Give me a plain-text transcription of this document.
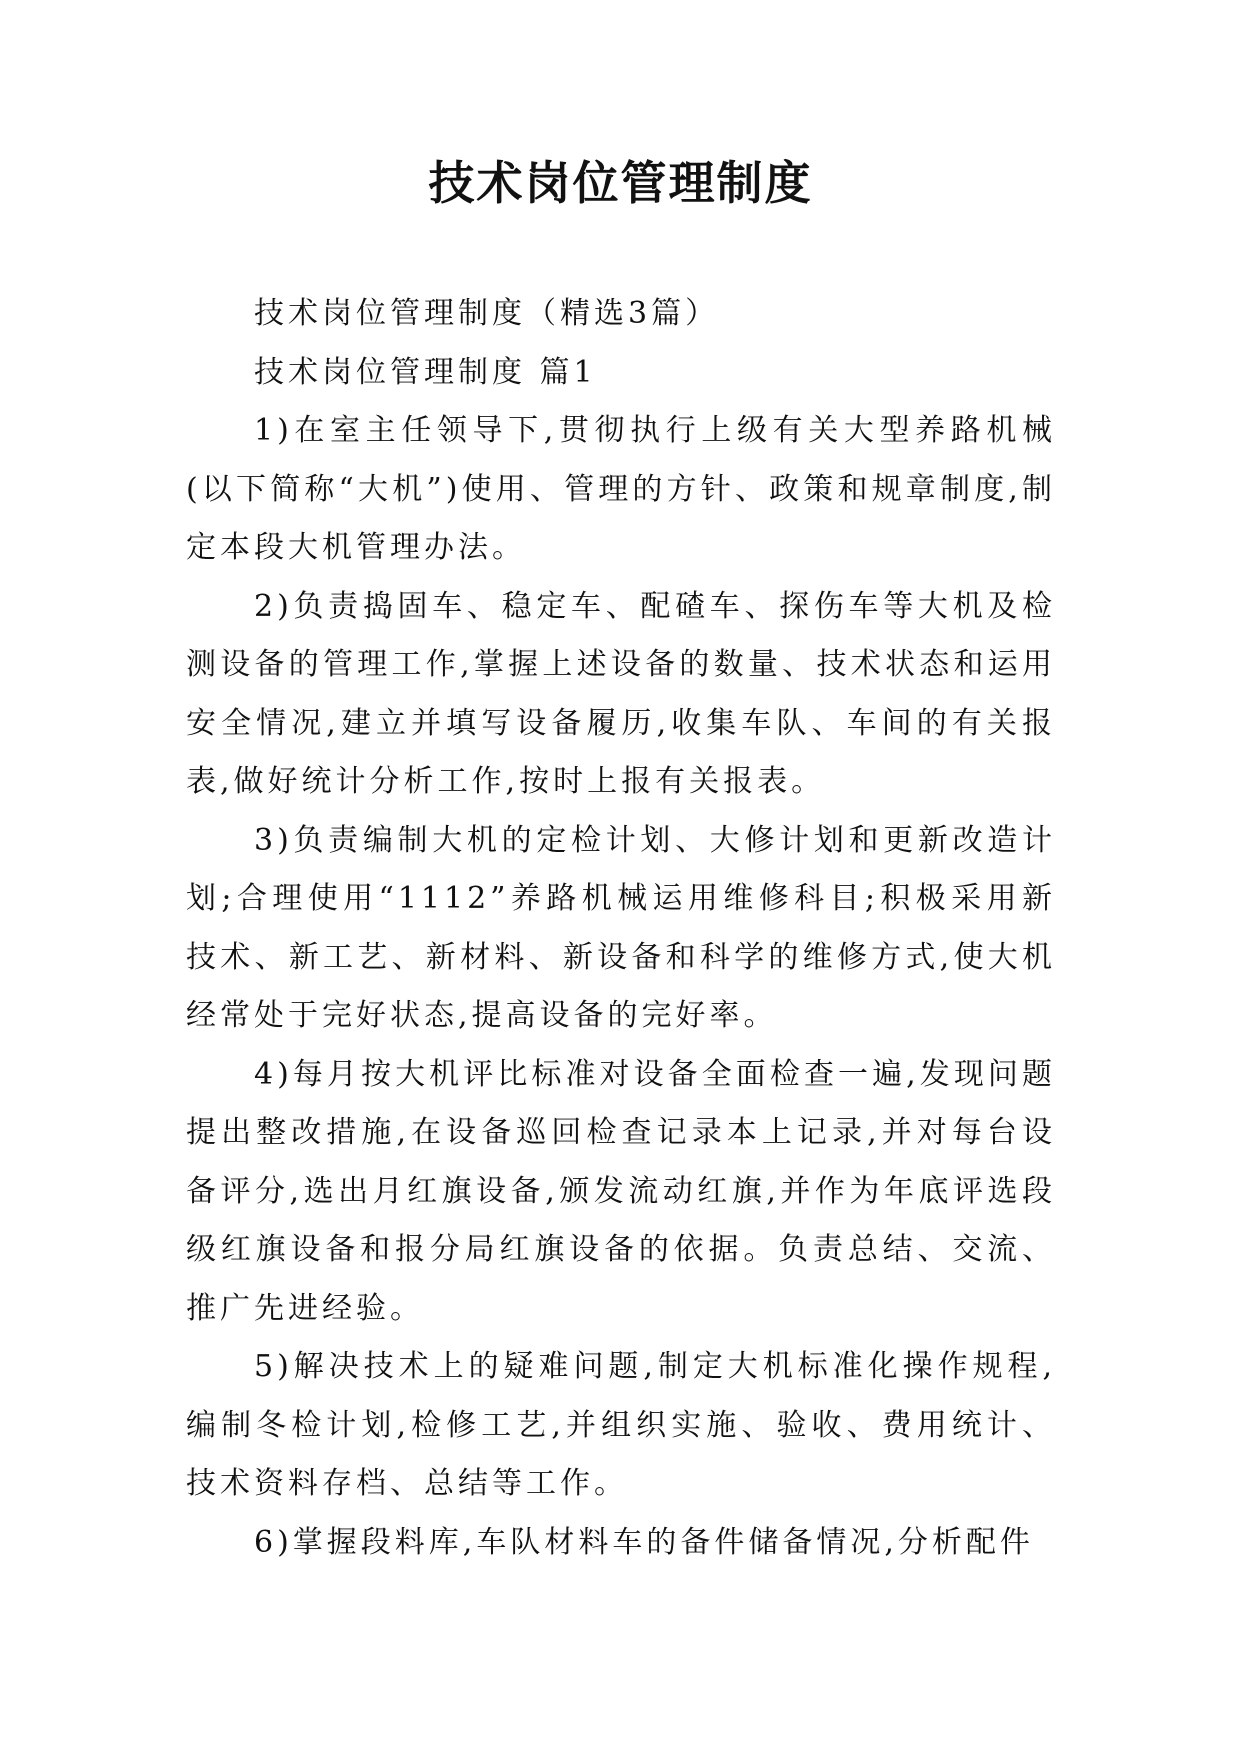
技术岗位管理制度

技术岗位管理制度（精选3篇）

技术岗位管理制度 篇1

1)在室主任领导下,贯彻执行上级有关大型养路机械(以下简称“大机”)使用、管理的方针、政策和规章制度,制定本段大机管理办法。

2)负责捣固车、稳定车、配碴车、探伤车等大机及检测设备的管理工作,掌握上述设备的数量、技术状态和运用安全情况,建立并填写设备履历,收集车队、车间的有关报表,做好统计分析工作,按时上报有关报表。

3)负责编制大机的定检计划、大修计划和更新改造计划;合理使用“1112”养路机械运用维修科目;积极采用新技术、新工艺、新材料、新设备和科学的维修方式,使大机经常处于完好状态,提高设备的完好率。

4)每月按大机评比标准对设备全面检查一遍,发现问题提出整改措施,在设备巡回检查记录本上记录,并对每台设备评分,选出月红旗设备,颁发流动红旗,并作为年底评选段级红旗设备和报分局红旗设备的依据。负责总结、交流、推广先进经验。

5)解决技术上的疑难问题,制定大机标准化操作规程,编制冬检计划,检修工艺,并组织实施、验收、费用统计、技术资料存档、总结等工作。

6)掌握段料库,车队材料车的备件储备情况,分析配件
